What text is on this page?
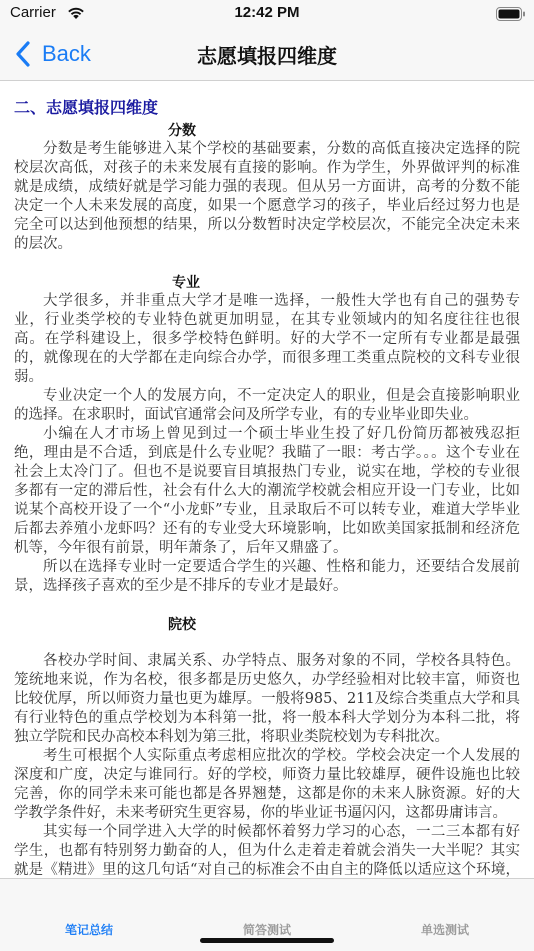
Carrier	12:42 PM
Back	志愿填报四维度
二、志愿填报四维度
分数

分数是考生能够进入某个学校的基础要素，分数的高低直接决定选择的院校层次高低，对孩子的未来发展有直接的影响。作为学生，外界做评判的标准就是成绩，成绩好就是学习能力强的表现。但从另一方面讲，高考的分数不能决定一个人未来发展的高度，如果一个愿意学习的孩子，毕业后经过努力也是完全可以达到他预想的结果，所以分数暂时决定学校层次，不能完全决定未来的层次。

专业

大学很多，并非重点大学才是唯一选择，一般性大学也有自己的强势专业，行业类学校的专业特色就更加明显，在其专业领域内的知名度往往也很高。在学科建设上，很多学校特色鲜明。好的大学不一定所有专业都是最强的，就像现在的大学都在走向综合办学，而很多理工类重点院校的文科专业很弱。

专业决定一个人的发展方向，不一定决定人的职业，但是会直接影响职业的选择。在求职时，面试官通常会问及所学专业，有的专业毕业即失业。

小编在人才市场上曾见到过一个硕士毕业生投了好几份简历都被残忍拒绝，理由是不合适，到底是什么专业呢？我瞄了一眼：考古学。。。这个专业在社会上太冷门了。但也不是说要盲目填报热门专业，说实在地，学校的专业很多都有一定的滞后性，社会有什么大的潮流学校就会相应开设一门专业，比如说某个高校开设了一个“小龙虾”专业，且录取后不可以转专业，难道大学毕业后都去养殖小龙虾吗？还有的专业受大环境影响，比如欧美国家抵制和经济危机等，今年很有前景，明年萧条了，后年又鼎盛了。

所以在选择专业时一定要适合学生的兴趣、性格和能力，还要结合发展前景，选择孩子喜欢的至少是不排斥的专业才是最好。

院校

各校办学时间、隶属关系、办学特点、服务对象的不同，学校各具特色。笼统地来说，作为名校，很多都是历史悠久，办学经验相对比较丰富，师资也比较优厚，所以师资力量也更为雄厚。一般将985、211及综合类重点大学和具有行业特色的重点学校划为本科第一批，将一般本科大学划分为本科二批，将独立学院和民办高校本科划为第三批，将职业类院校划为专科批次。

考生可根据个人实际重点考虑相应批次的学校。学校会决定一个人发展的深度和广度，决定与谁同行。好的学校，师资力量比较雄厚，硬件设施也比较完善，你的同学未来可能也都是各界翘楚，这都是你的未来人脉资源。好的大学教学条件好，未来考研究生更容易，你的毕业证书逼闪闪，这都毋庸讳言。

其实每一个同学进入大学的时候都怀着努力学习的心态，一二三本都有好学生，也都有特别努力勤奋的人，但为什么走着走着就会消失一大半呢？其实就是《精进》里的这几句话“对自己的标准会不由自主的降低以适应这个环境，

笔记总结	简答测试	单选测试
